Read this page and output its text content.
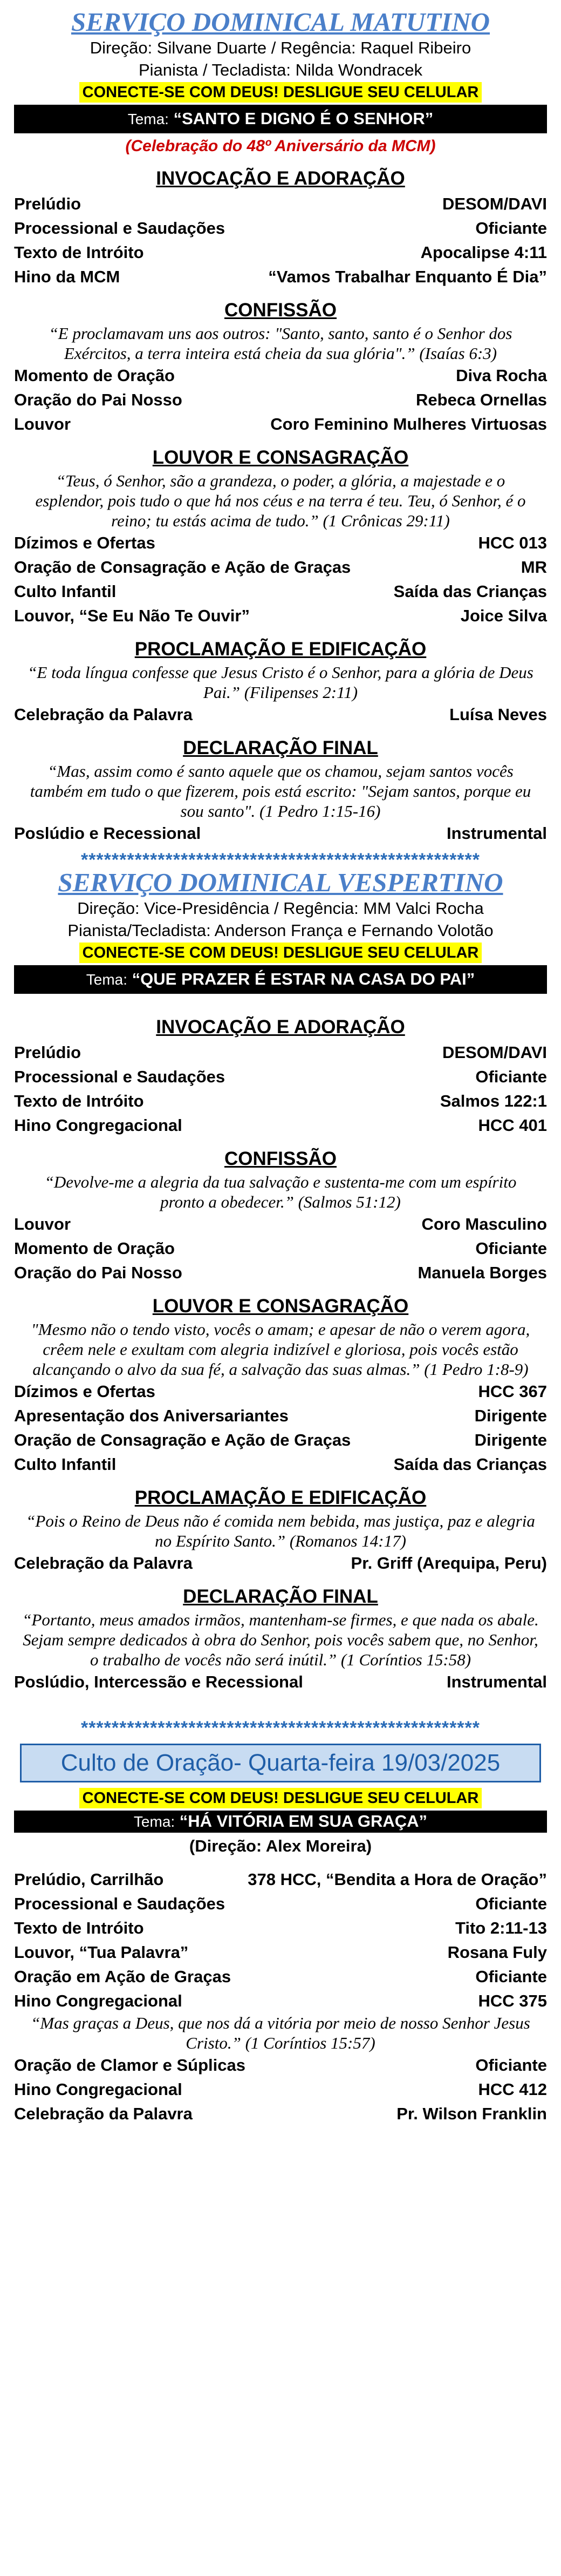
SERVIÇO DOMINICAL MATUTINO

Direção: Silvane Duarte / Regência: Raquel Ribeiro

Pianista / Tecladista: Nilda Wondracek

CONECTE-SE COM DEUS! DESLIGUE SEU CELULAR
Tema: “SANTO E DIGNO É O SENHOR”
(Celebração do 48º Aniversário da MCM)
INVOCAÇÃO E ADORAÇÃO
Prelúdio	DESOM/DAVI
Processional e Saudações	Oficiante
Texto de Intróito	Apocalipse 4:11
Hino da MCM	“Vamos Trabalhar Enquanto É Dia”
CONFISSÃO
“E proclamavam uns aos outros: "Santo, santo, santo é o Senhor dos Exércitos, a terra inteira está cheia da sua glória".” (Isaías 6:3)
Momento de Oração	Diva Rocha
Oração do Pai Nosso	Rebeca Ornellas
Louvor	Coro Feminino Mulheres Virtuosas
LOUVOR E CONSAGRAÇÃO
“Teus, ó Senhor, são a grandeza, o poder, a glória, a majestade e o esplendor, pois tudo o que há nos céus e na terra é teu. Teu, ó Senhor, é o reino; tu estás acima de tudo.” (1 Crônicas 29:11)
Dízimos e Ofertas	HCC 013
Oração de Consagração e Ação de Graças	MR
Culto Infantil	Saída das Crianças
Louvor, “Se Eu Não Te Ouvir”	Joice Silva
PROCLAMAÇÃO E EDIFICAÇÃO
“E toda língua confesse que Jesus Cristo é o Senhor, para a glória de Deus Pai.” (Filipenses 2:11)
Celebração da Palavra	Luísa Neves
DECLARAÇÃO FINAL
“Mas, assim como é santo aquele que os chamou, sejam santos vocês também em tudo o que fizerem, pois está escrito: "Sejam santos, porque eu sou santo". (1 Pedro 1:15-16)
Poslúdio e Recessional	Instrumental
****************************************************
SERVIÇO DOMINICAL VESPERTINO

Direção: Vice-Presidência / Regência: MM Valci Rocha

Pianista/Tecladista: Anderson França e Fernando Volotão

CONECTE-SE COM DEUS! DESLIGUE SEU CELULAR
Tema: “QUE PRAZER É ESTAR NA CASA DO PAI”
INVOCAÇÃO E ADORAÇÃO
Prelúdio	DESOM/DAVI
Processional e Saudações	Oficiante
Texto de Intróito	Salmos 122:1
Hino Congregacional	HCC 401
CONFISSÃO
“Devolve-me a alegria da tua salvação e sustenta-me com um espírito pronto a obedecer.” (Salmos 51:12)
Louvor	Coro Masculino
Momento de Oração	Oficiante
Oração do Pai Nosso	Manuela Borges
LOUVOR E CONSAGRAÇÃO
"Mesmo não o tendo visto, vocês o amam; e apesar de não o verem agora, crêem nele e exultam com alegria indizível e gloriosa, pois vocês estão alcançando o alvo da sua fé, a salvação das suas almas.” (1 Pedro 1:8-9)
Dízimos e Ofertas	HCC 367
Apresentação dos Aniversariantes	Dirigente
Oração de Consagração e Ação de Graças	Dirigente
Culto Infantil	Saída das Crianças
PROCLAMAÇÃO E EDIFICAÇÃO
“Pois o Reino de Deus não é comida nem bebida, mas justiça, paz e alegria no Espírito Santo.” (Romanos 14:17)
Celebração da Palavra	Pr. Griff (Arequipa, Peru)
DECLARAÇÃO FINAL
“Portanto, meus amados irmãos, mantenham-se firmes, e que nada os abale. Sejam sempre dedicados à obra do Senhor, pois vocês sabem que, no Senhor, o trabalho de vocês não será inútil.” (1 Coríntios 15:58)
Poslúdio, Intercessão e Recessional	Instrumental
****************************************************
Culto de Oração- Quarta-feira 19/03/2025
CONECTE-SE COM DEUS! DESLIGUE SEU CELULAR
Tema: “HÁ VITÓRIA EM SUA GRAÇA”
(Direção: Alex Moreira)
Prelúdio, Carrilhão	378 HCC, “Bendita a Hora de Oração”
Processional e Saudações	Oficiante
Texto de Intróito	Tito 2:11-13
Louvor, “Tua Palavra”	Rosana Fuly
Oração em Ação de Graças	Oficiante
Hino Congregacional	HCC 375
“Mas graças a Deus, que nos dá a vitória por meio de nosso Senhor Jesus Cristo.” (1 Coríntios 15:57)
Oração de Clamor e Súplicas	Oficiante
Hino Congregacional	HCC 412
Celebração da Palavra	Pr. Wilson Franklin
